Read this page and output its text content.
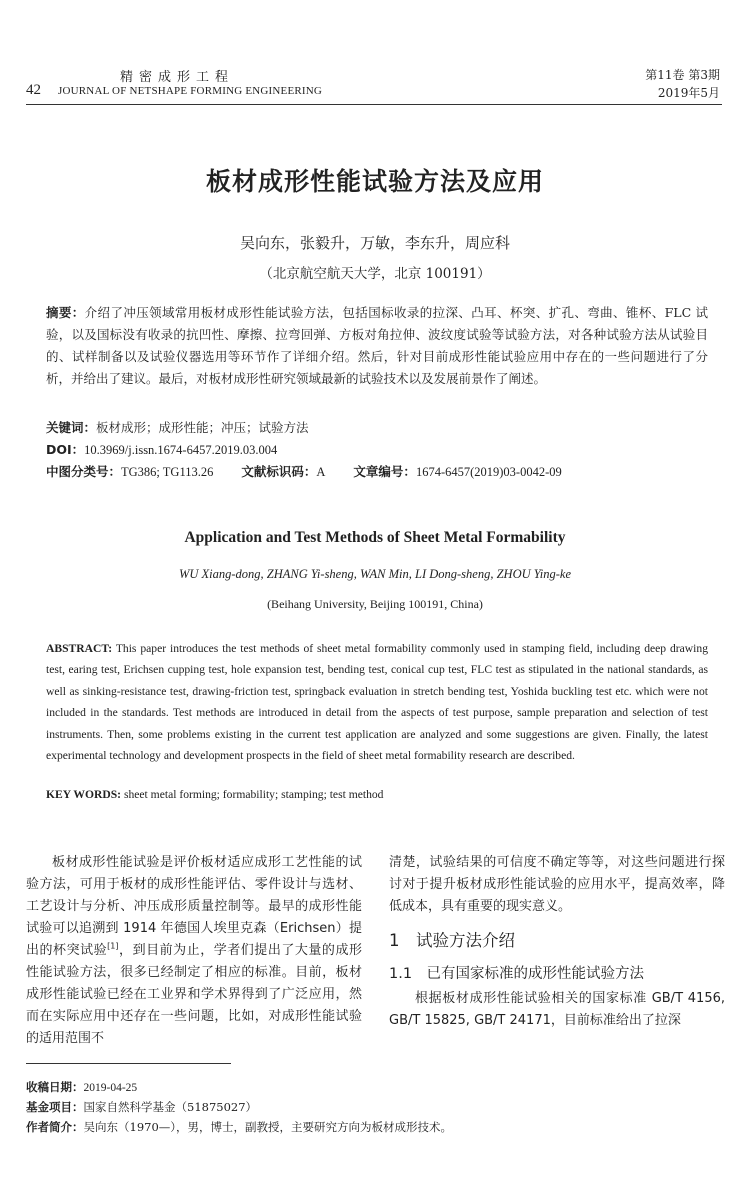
精密成形工程
42 JOURNAL OF NETSHAPE FORMING ENGINEERING
第11卷 第3期
2019年5月
板材成形性能试验方法及应用
吴向东，张毅升，万敏，李东升，周应科
（北京航空航天大学，北京 100191）
摘要：介绍了冲压领域常用板材成形性能试验方法，包括国标收录的拉深、凸耳、杯突、扩孔、弯曲、锥杯、FLC 试验，以及国标没有收录的抗凹性、摩擦、拉弯回弹、方板对角拉伸、波纹度试验等试验方法，对各种试验方法从试验目的、试样制备以及试验仪器选用等环节作了详细介绍。然后，针对目前成形性能试验应用中存在的一些问题进行了分析，并给出了建议。最后，对板材成形性研究领域最新的试验技术以及发展前景作了阐述。
关键词：板材成形；成形性能；冲压；试验方法
DOI：10.3969/j.issn.1674-6457.2019.03.004
中图分类号：TG386; TG113.26 文献标识码：A 文章编号：1674-6457(2019)03-0042-09
Application and Test Methods of Sheet Metal Formability
WU Xiang-dong, ZHANG Yi-sheng, WAN Min, LI Dong-sheng, ZHOU Ying-ke
(Beihang University, Beijing 100191, China)
ABSTRACT: This paper introduces the test methods of sheet metal formability commonly used in stamping field, including deep drawing test, earing test, Erichsen cupping test, hole expansion test, bending test, conical cup test, FLC test as stipulated in the national standards, as well as sinking-resistance test, drawing-friction test, springback evaluation in stretch bending test, Yoshida buckling test etc. which were not included in the standards. Test methods are introduced in detail from the aspects of test purpose, sample preparation and selection of test instruments. Then, some problems existing in the current test application are analyzed and some suggestions are given. Finally, the latest experimental technology and development prospects in the field of sheet metal formability research are described.
KEY WORDS: sheet metal forming; formability; stamping; test method

板材成形性能试验是评价板材适应成形工艺性能的试验方法，可用于板材的成形性能评估、零件设计与选材、工艺设计与分析、冲压成形质量控制等。最早的成形性能试验可以追溯到 1914 年德国人埃里克森（Erichsen）提出的杯突试验[1]，到目前为止，学者们提出了大量的成形性能试验方法，很多已经制定了相应的标准。目前，板材成形性能试验已经在工业界和学术界得到了广泛应用，然而在实际应用中还存在一些问题，比如，对成形性能试验的适用范围不

清楚，试验结果的可信度不确定等等，对这些问题进行探讨对于提升板材成形性能试验的应用水平，提高效率，降低成本，具有重要的现实意义。

1　试验方法介绍
1.1　已有国家标准的成形性能试验方法

根据板材成形性能试验相关的国家标准 GB/T 4156, GB/T 15825, GB/T 24171，目前标准给出了拉深

收稿日期：2019-04-25
基金项目：国家自然科学基金（51875027）
作者简介：吴向东（1970—），男，博士，副教授，主要研究方向为板材成形技术。
